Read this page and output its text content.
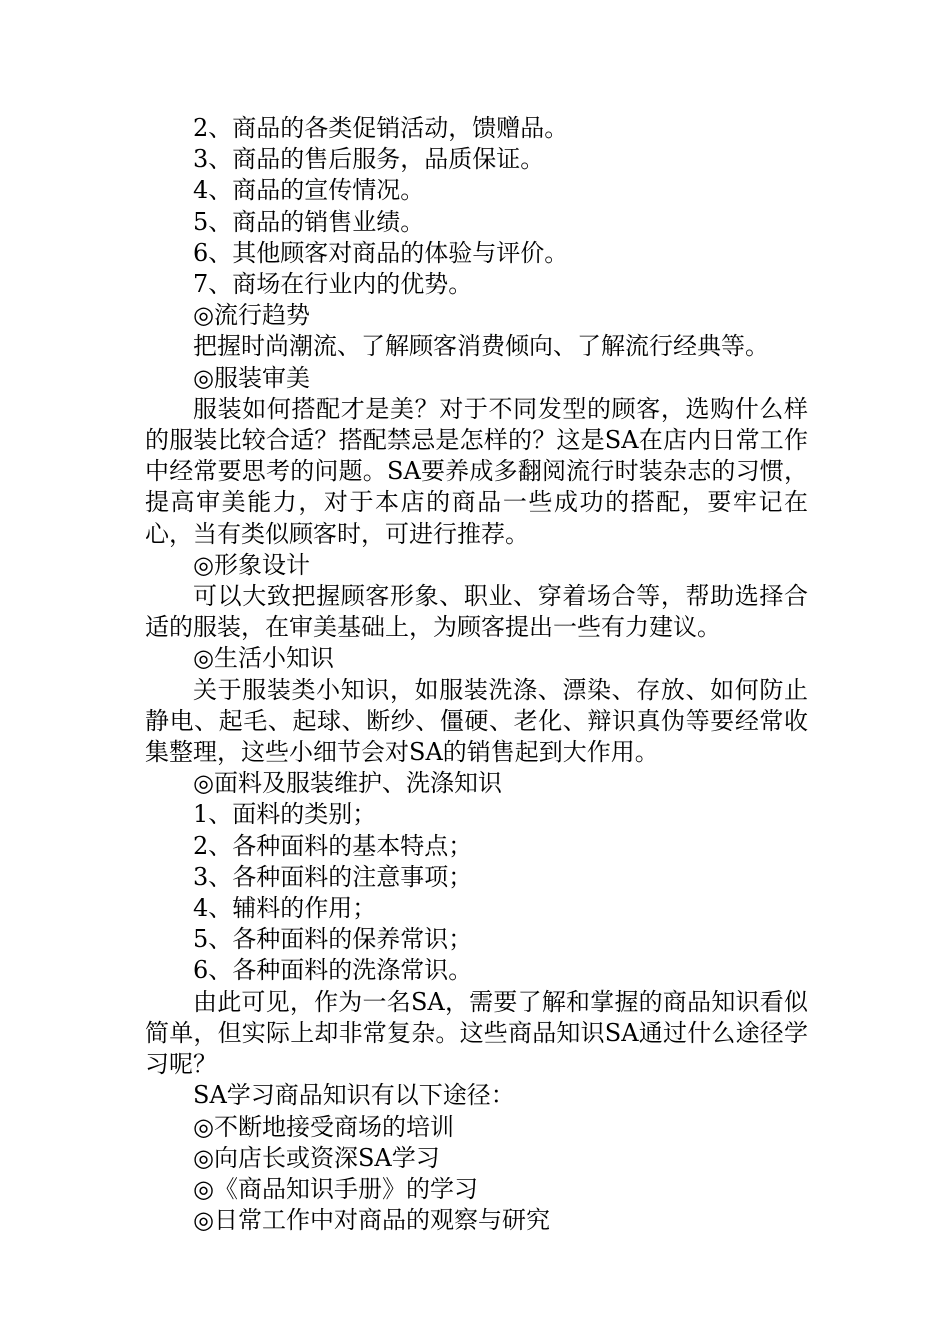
2、商品的各类促销活动，馈赠品。

3、商品的售后服务，品质保证。

4、商品的宣传情况。

5、商品的销售业绩。

6、其他顾客对商品的体验与评价。

7、商场在行业内的优势。

◎流行趋势

把握时尚潮流、了解顾客消费倾向、了解流行经典等。

◎服装审美

服装如何搭配才是美？对于不同发型的顾客，选购什么样的服装比较合适？搭配禁忌是怎样的？这是SA在店内日常工作中经常要思考的问题。SA要养成多翻阅流行时装杂志的习惯，提高审美能力，对于本店的商品一些成功的搭配，要牢记在心，当有类似顾客时，可进行推荐。

◎形象设计

可以大致把握顾客形象、职业、穿着场合等，帮助选择合适的服装，在审美基础上，为顾客提出一些有力建议。

◎生活小知识

关于服装类小知识，如服装洗涤、漂染、存放、如何防止静电、起毛、起球、断纱、僵硬、老化、辩识真伪等要经常收集整理，这些小细节会对SA的销售起到大作用。

◎面料及服装维护、洗涤知识

1、面料的类别；

2、各种面料的基本特点；

3、各种面料的注意事项；

4、辅料的作用；

5、各种面料的保养常识；

6、各种面料的洗涤常识。

由此可见，作为一名SA，需要了解和掌握的商品知识看似简单，但实际上却非常复杂。这些商品知识SA通过什么途径学习呢？

SA学习商品知识有以下途径：

◎不断地接受商场的培训

◎向店长或资深SA学习

◎《商品知识手册》的学习

◎日常工作中对商品的观察与研究
